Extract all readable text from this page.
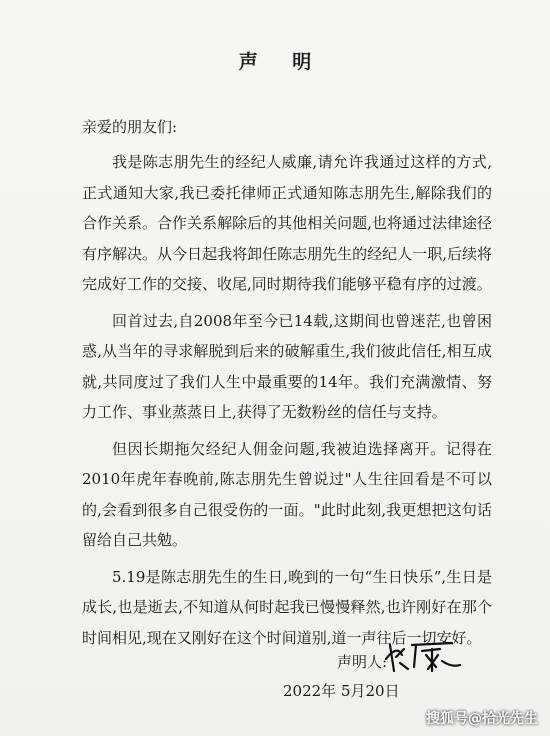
声 明
亲爱的朋友们:

我是陈志朋先生的经纪人威廉,请允许我通过这样的方式,正式通知大家,我已委托律师正式通知陈志朋先生,解除我们的合作关系。合作关系解除后的其他相关问题,也将通过法律途径有序解决。从今日起我将卸任陈志朋先生的经纪人一职,后续将完成好工作的交接、收尾,同时期待我们能够平稳有序的过渡。

回首过去,自2008年至今已14载,这期间也曾迷茫,也曾困惑,从当年的寻求解脱到后来的破解重生,我们彼此信任,相互成就,共同度过了我们人生中最重要的14年。我们充满激情、努力工作、事业蒸蒸日上,获得了无数粉丝的信任与支持。

但因长期拖欠经纪人佣金问题,我被迫选择离开。记得在2010年虎年春晚前,陈志朋先生曾说过"人生往回看是不可以的,会看到很多自己很受伤的一面。"此时此刻,我更想把这句话留给自己共勉。

5.19是陈志朋先生的生日,晚到的一句“生日快乐”,生日是成长,也是逝去,不知道从何时起我已慢慢释然,也许刚好在那个时间相见,现在又刚好在这个时间道别,道一声往后一切安好。

声明人:
2022年 5月20日
搜狐号@拾光先生
